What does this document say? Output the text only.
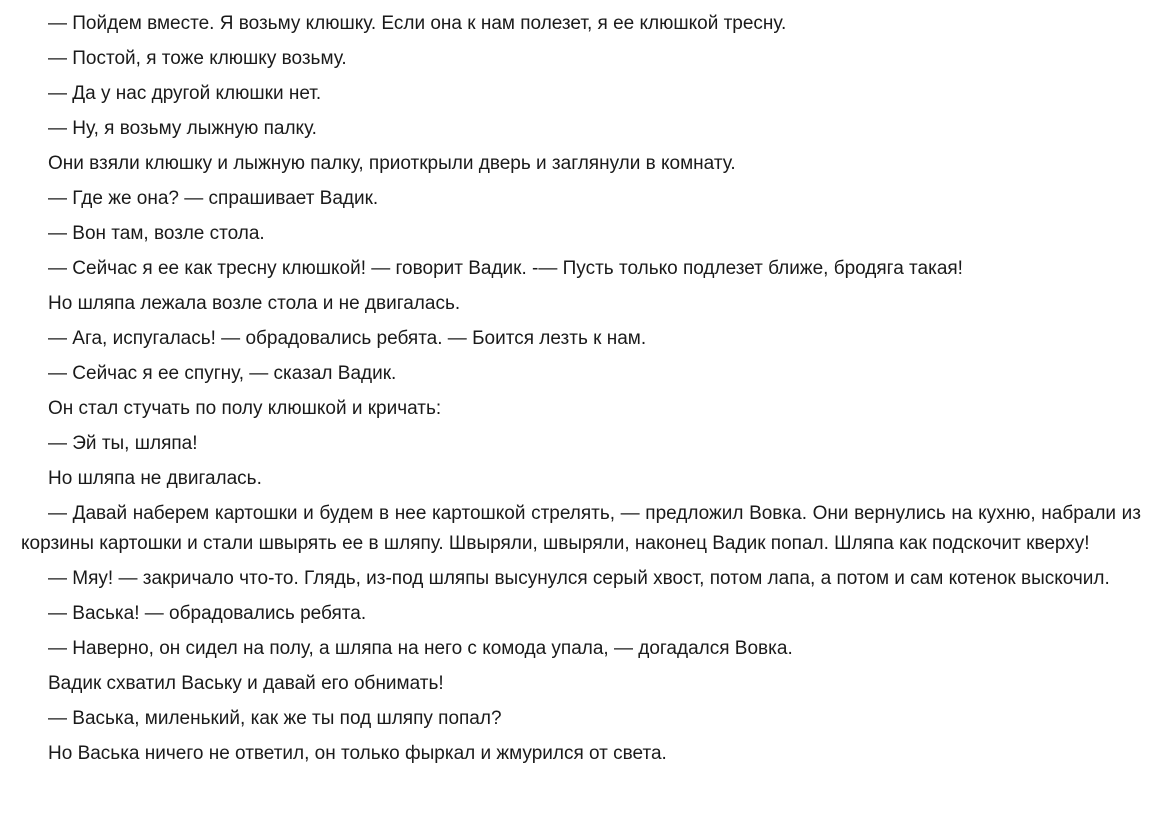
— Пойдем вместе. Я возьму клюшку. Если она к нам полезет, я ее клюшкой тресну.

— Постой, я тоже клюшку возьму.

— Да у нас другой клюшки нет.

— Ну, я возьму лыжную палку.

Они взяли клюшку и лыжную палку, приоткрыли дверь и заглянули в комнату.

— Где же она? — спрашивает Вадик.

— Вон там, возле стола.

— Сейчас я ее как тресну клюшкой! — говорит Вадик. -— Пусть только подлезет ближе, бродяга такая!

Но шляпа лежала возле стола и не двигалась.

— Ага, испугалась! — обрадовались ребята. — Боится лезть к нам.

— Сейчас я ее спугну, — сказал Вадик.

Он стал стучать по полу клюшкой и кричать:

— Эй ты, шляпа!

Но шляпа не двигалась.

— Давай наберем картошки и будем в нее картошкой стрелять, — предложил Вовка. Они вернулись на кухню, набрали из корзины картошки и стали швырять ее в шляпу. Швыряли, швыряли, наконец Вадик попал. Шляпа как подскочит кверху!

— Мяу! — закричало что-то. Глядь, из-под шляпы высунулся серый хвост, потом лапа, а потом и сам котенок выскочил.

— Васька! — обрадовались ребята.

— Наверно, он сидел на полу, а шляпа на него с комода упала, — догадался Вовка.

Вадик схватил Ваську и давай его обнимать!

— Васька, миленький, как же ты под шляпу попал?

Но Васька ничего не ответил, он только фыркал и жмурился от света.
